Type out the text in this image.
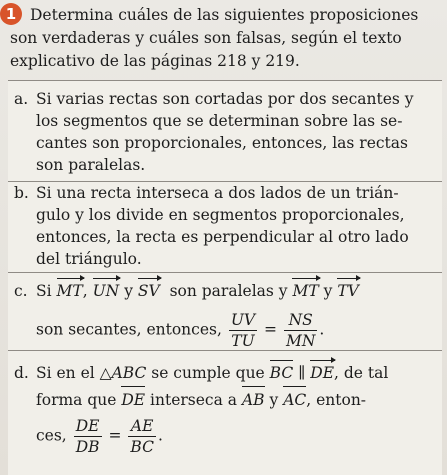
1 Determina cuáles de las siguientes proposiciones
son verdaderas y cuáles son falsas, según el texto
explicativo de las páginas 218 y 219.
a. Si varias rectas son cortadas por dos secantes y
los segmentos que se determinan sobre las se-
cantes son proporcionales, entonces, las rectas
son paralelas.
b. Si una recta interseca a dos lados de un trián-
gulo y los divide en segmentos proporcionales,
entonces, la recta es perpendicular al otro lado
del triángulo.
c. Si MT, UN y SV son paralelas y MT y TV
son secantes, entonces, $\frac{UV}{TU} = \frac{NS}{MN}$ .
d. Si en el △ABC se cumple que BC ∥ DE, de tal
forma que DE interseca a AB y AC, enton-
ces, $\frac{DE}{DB} = \frac{AE}{BC}$ .
